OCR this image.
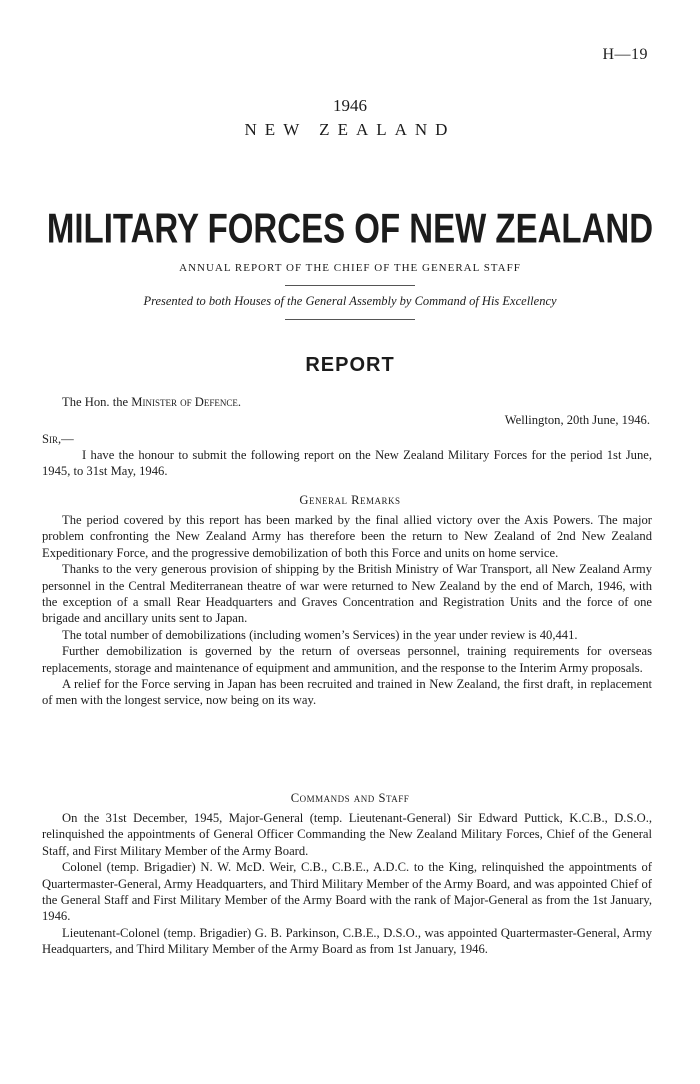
H—19
1946
NEW ZEALAND
MILITARY FORCES OF NEW ZEALAND
ANNUAL REPORT OF THE CHIEF OF THE GENERAL STAFF
Presented to both Houses of the General Assembly by Command of His Excellency
REPORT
The Hon. the Minister of Defence.
Wellington, 20th June, 1946.
Sir,—

I have the honour to submit the following report on the New Zealand Military Forces for the period 1st June, 1945, to 31st May, 1946.

General Remarks

The period covered by this report has been marked by the final allied victory over the Axis Powers. The major problem confronting the New Zealand Army has therefore been the return to New Zealand of 2nd New Zealand Expeditionary Force, and the progressive demobilization of both this Force and units on home service.

Thanks to the very generous provision of shipping by the British Ministry of War Transport, all New Zealand Army personnel in the Central Mediterranean theatre of war were returned to New Zealand by the end of March, 1946, with the exception of a small Rear Headquarters and Graves Concentration and Registration Units and the force of one brigade and ancillary units sent to Japan.

The total number of demobilizations (including women’s Services) in the year under review is 40,441.

Further demobilization is governed by the return of overseas personnel, training requirements for overseas replacements, storage and maintenance of equipment and ammunition, and the response to the Interim Army proposals.

A relief for the Force serving in Japan has been recruited and trained in New Zealand, the first draft, in replacement of men with the longest service, now being on its way.

Commands and Staff

On the 31st December, 1945, Major-General (temp. Lieutenant-General) Sir Edward Puttick, K.C.B., D.S.O., relinquished the appointments of General Officer Commanding the New Zealand Military Forces, Chief of the General Staff, and First Military Member of the Army Board.

Colonel (temp. Brigadier) N. W. McD. Weir, C.B., C.B.E., A.D.C. to the King, relinquished the appointments of Quartermaster-General, Army Headquarters, and Third Military Member of the Army Board, and was appointed Chief of the General Staff and First Military Member of the Army Board with the rank of Major-General as from the 1st January, 1946.

Lieutenant-Colonel (temp. Brigadier) G. B. Parkinson, C.B.E., D.S.O., was appointed Quartermaster-General, Army Headquarters, and Third Military Member of the Army Board as from 1st January, 1946.
